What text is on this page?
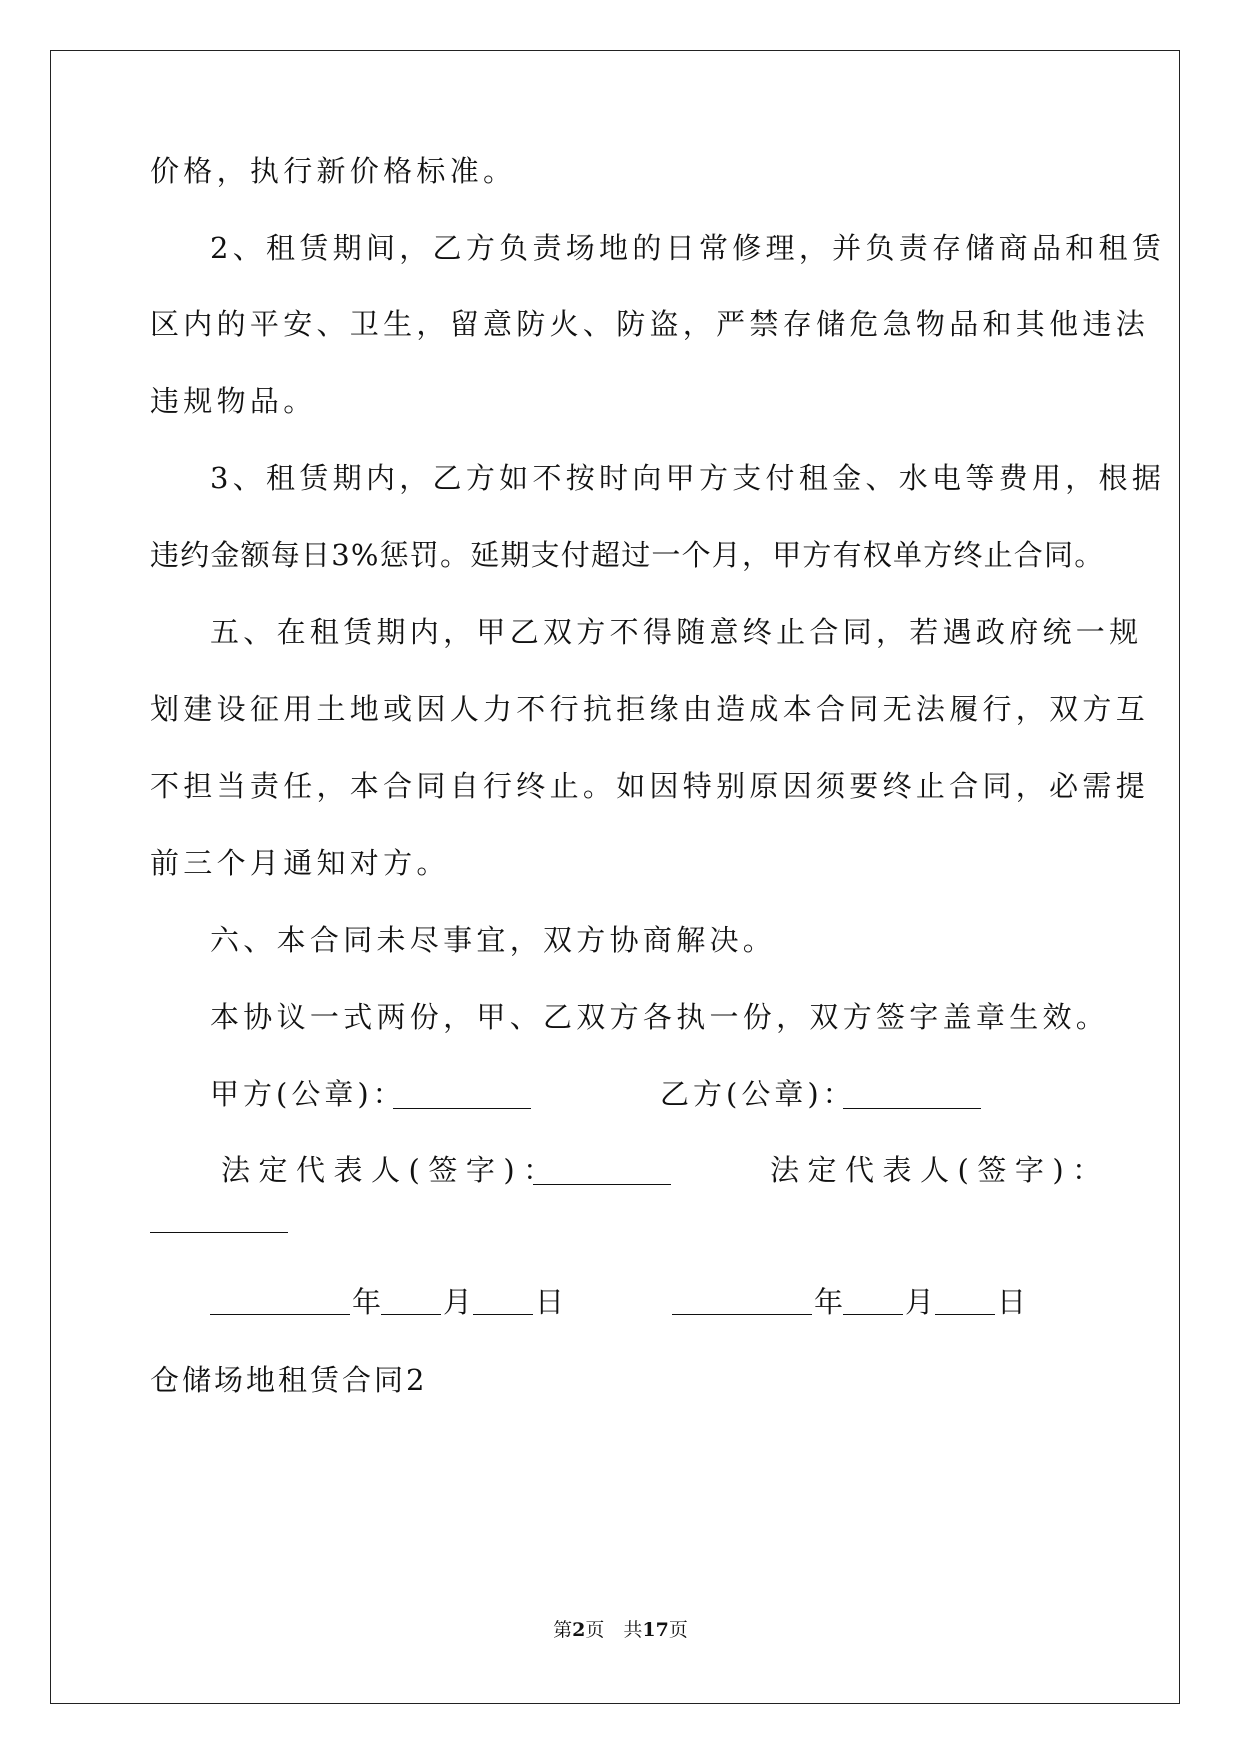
价格，执行新价格标准。
2、租赁期间，乙方负责场地的日常修理，并负责存储商品和租赁
区内的平安、卫生，留意防火、防盗，严禁存储危急物品和其他违法
违规物品。
3、租赁期内，乙方如不按时向甲方支付租金、水电等费用，根据
违约金额每日3%惩罚。延期支付超过一个月，甲方有权单方终止合同。
五、在租赁期内，甲乙双方不得随意终止合同，若遇政府统一规
划建设征用土地或因人力不行抗拒缘由造成本合同无法履行，双方互
不担当责任，本合同自行终止。如因特别原因须要终止合同，必需提
前三个月通知对方。
六、本合同未尽事宜，双方协商解决。
本协议一式两份，甲、乙双方各执一份，双方签字盖章生效。
甲方(公章)：	乙方(公章)：
法定代表人(签字)：	法定代表人(签字)：
年 月 日	年 月 日
仓储场地租赁合同2
第2页　共17页
